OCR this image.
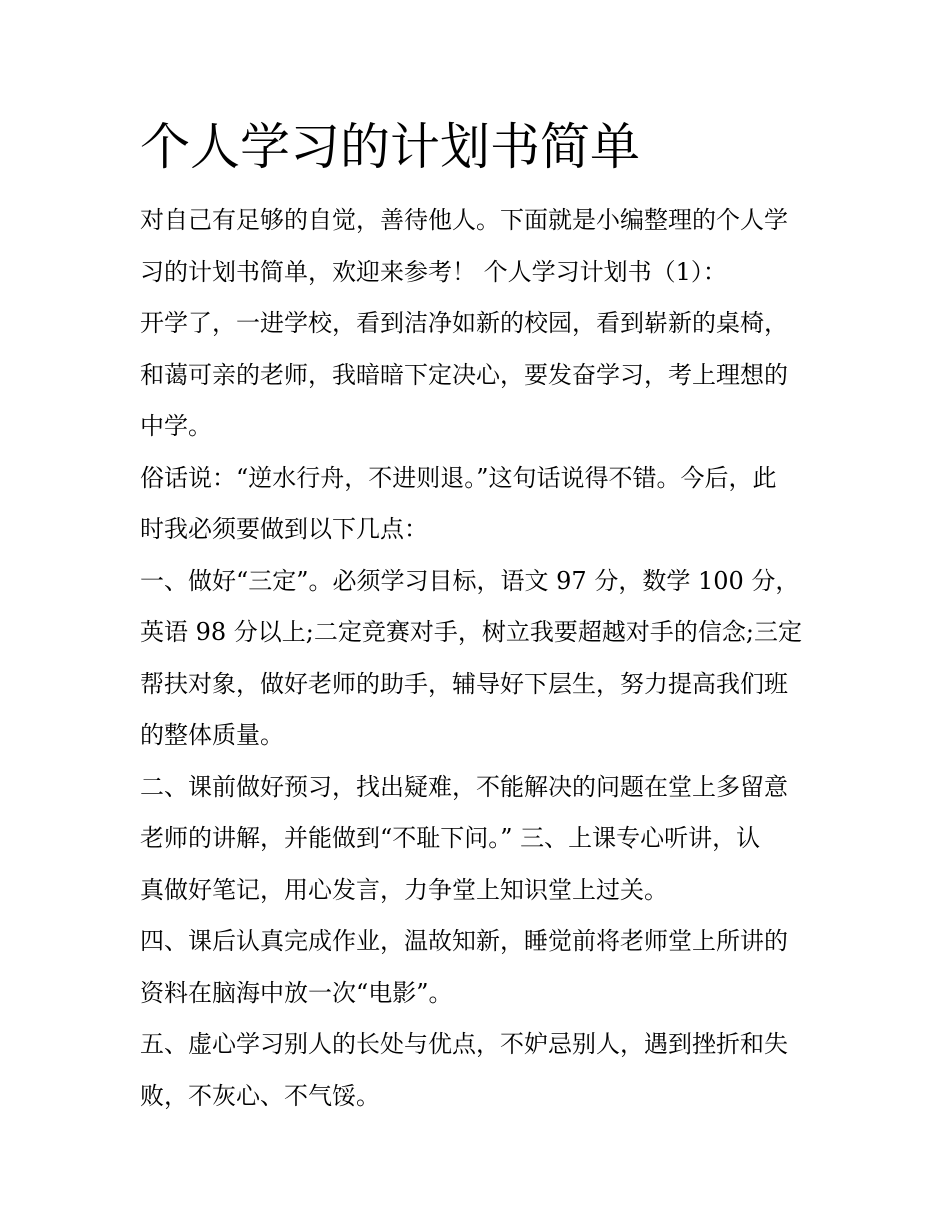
个人学习的计划书简单
对自己有足够的自觉，善待他人。下面就是小编整理的个人学
习的计划书简单，欢迎来参考！ 个人学习计划书（1）：
开学了，一进学校，看到洁净如新的校园，看到崭新的桌椅，
和蔼可亲的老师，我暗暗下定决心，要发奋学习，考上理想的
中学。
俗话说：“逆水行舟，不进则退。”这句话说得不错。今后，此
时我必须要做到以下几点：
一、做好“三定”。必须学习目标，语文 97 分，数学 100 分，
英语 98 分以上;二定竞赛对手，树立我要超越对手的信念;三定
帮扶对象，做好老师的助手，辅导好下层生，努力提高我们班
的整体质量。
二、课前做好预习，找出疑难，不能解决的问题在堂上多留意
老师的讲解，并能做到“不耻下问。” 三、上课专心听讲，认
真做好笔记，用心发言，力争堂上知识堂上过关。
四、课后认真完成作业，温故知新，睡觉前将老师堂上所讲的
资料在脑海中放一次“电影”。
五、虚心学习别人的长处与优点，不妒忌别人，遇到挫折和失
败，不灰心、不气馁。
